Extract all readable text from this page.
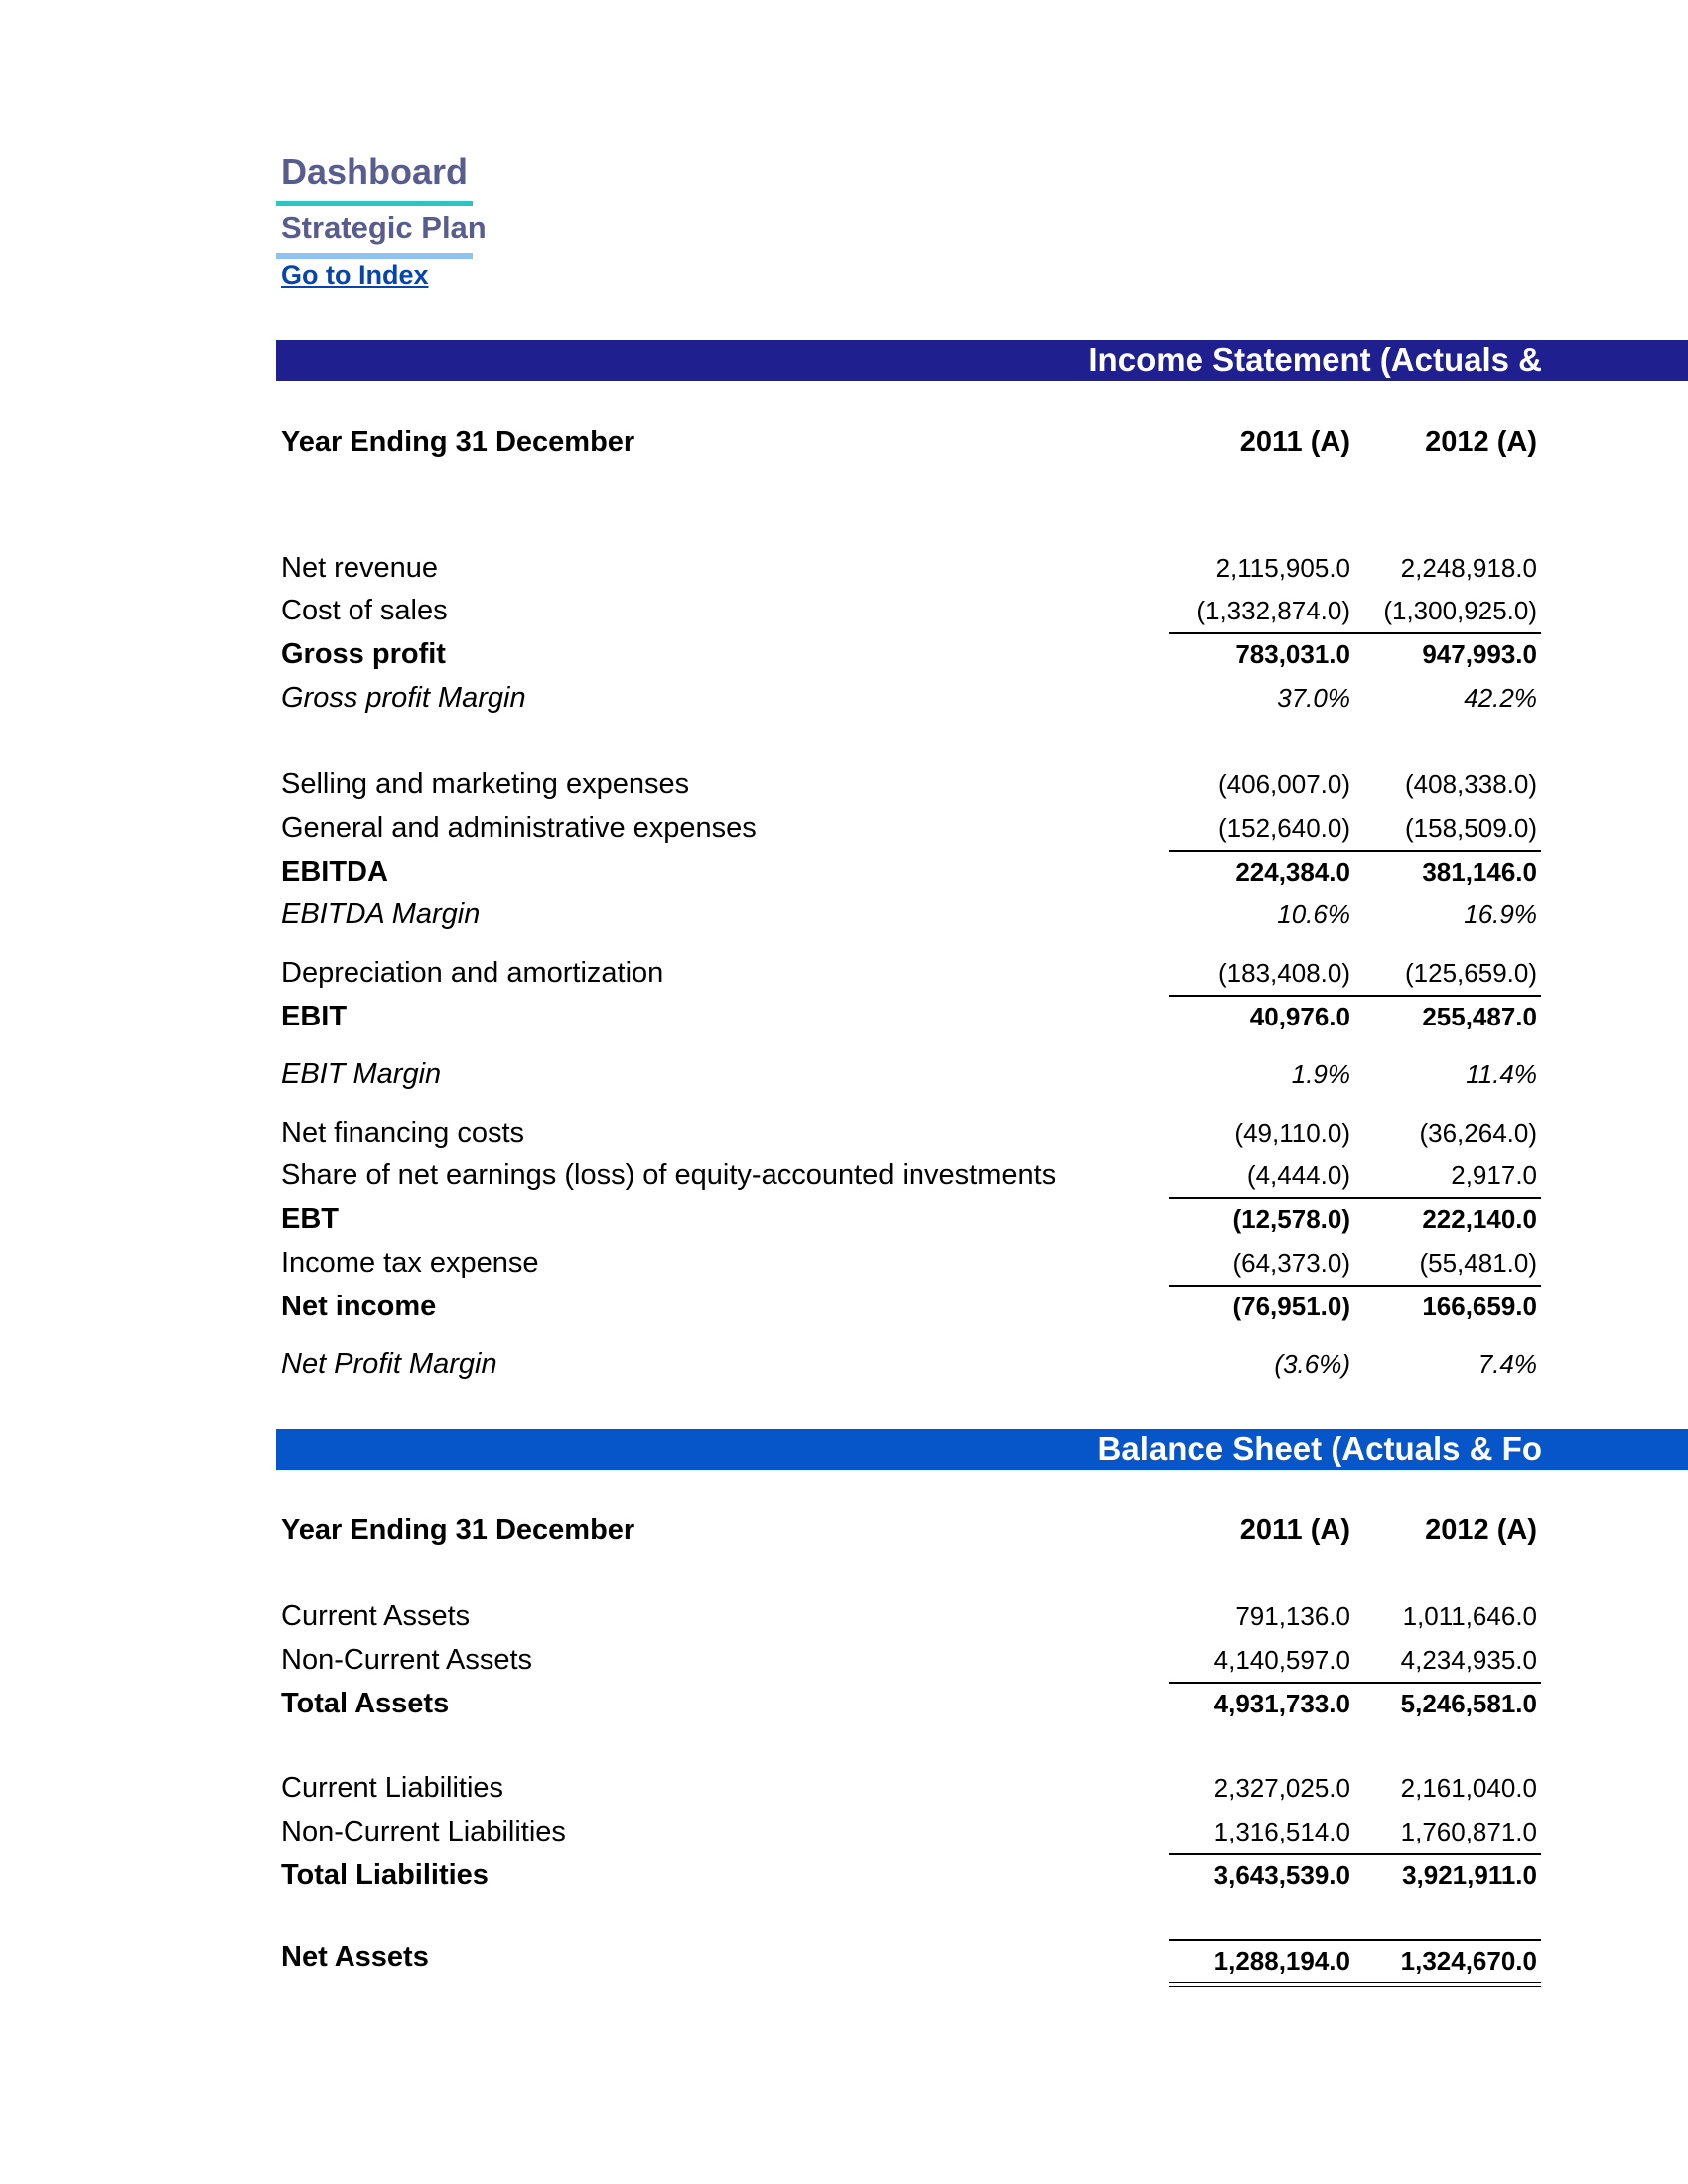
Dashboard
Strategic Plan
Go to Index
Income Statement (Actuals &
Year Ending 31 December	2011 (A)	2012 (A)
Net revenue	2,115,905.0	2,248,918.0
Cost of sales	(1,332,874.0)	(1,300,925.0)
Gross profit	783,031.0	947,993.0
Gross profit Margin	37.0%	42.2%
Selling and marketing expenses	(406,007.0)	(408,338.0)
General and administrative expenses	(152,640.0)	(158,509.0)
EBITDA	224,384.0	381,146.0
EBITDA Margin	10.6%	16.9%
Depreciation and amortization	(183,408.0)	(125,659.0)
EBIT	40,976.0	255,487.0
EBIT Margin	1.9%	11.4%
Net financing costs	(49,110.0)	(36,264.0)
Share of net earnings (loss) of equity-accounted investments	(4,444.0)	2,917.0
EBT	(12,578.0)	222,140.0
Income tax expense	(64,373.0)	(55,481.0)
Net income	(76,951.0)	166,659.0
Net Profit Margin	(3.6%)	7.4%
Balance Sheet (Actuals & Fo
Year Ending 31 December	2011 (A)	2012 (A)
Current Assets	791,136.0	1,011,646.0
Non-Current Assets	4,140,597.0	4,234,935.0
Total Assets	4,931,733.0	5,246,581.0
Current Liabilities	2,327,025.0	2,161,040.0
Non-Current Liabilities	1,316,514.0	1,760,871.0
Total Liabilities	3,643,539.0	3,921,911.0
Net Assets	1,288,194.0	1,324,670.0
